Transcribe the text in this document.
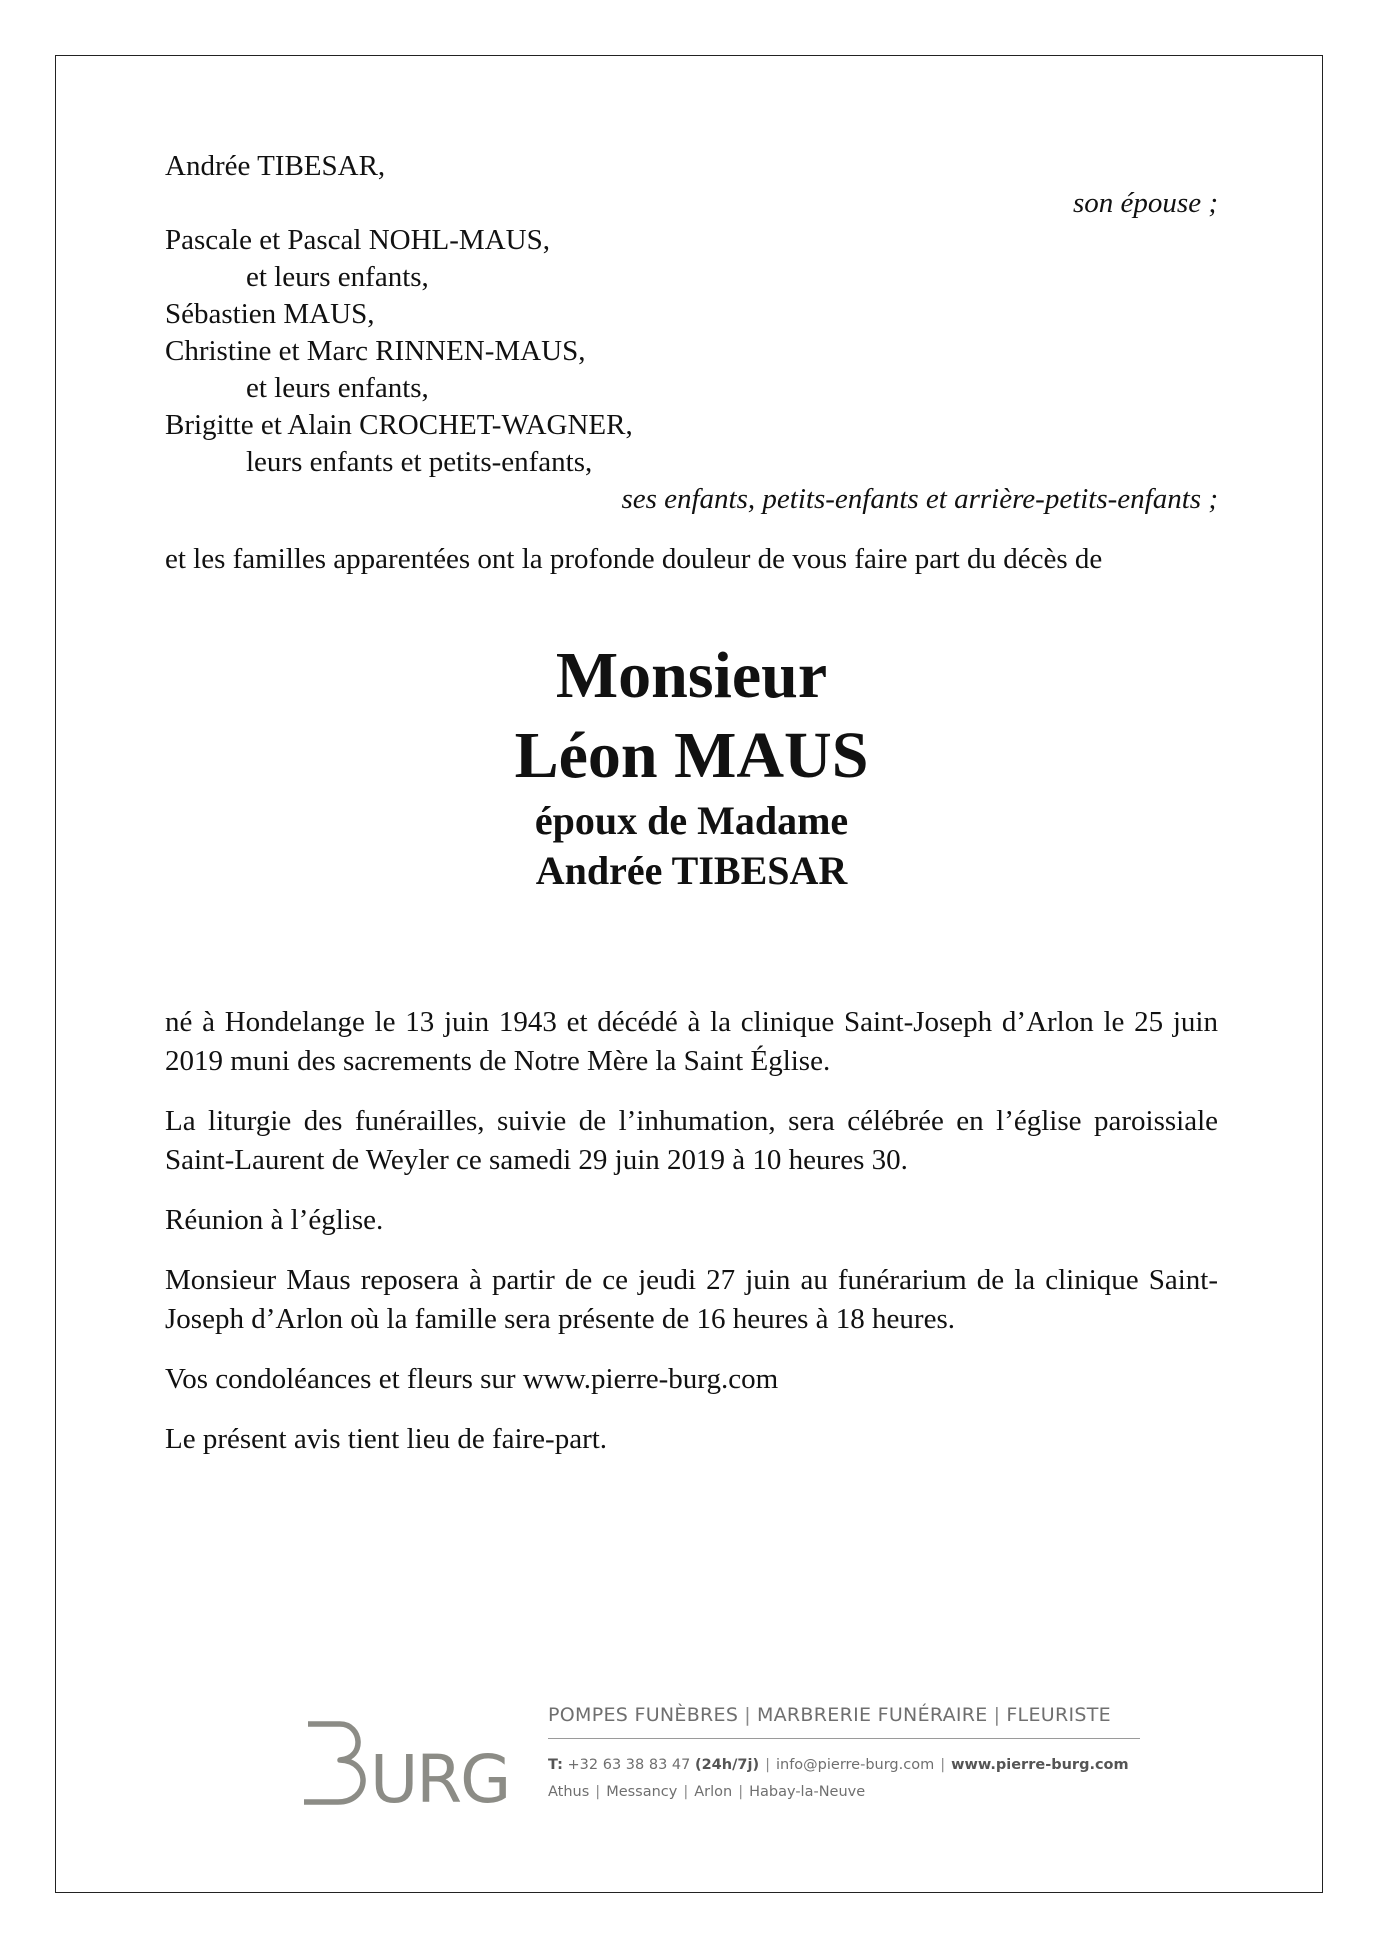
Andrée TIBESAR,
son épouse ;
Pascale et Pascal NOHL-MAUS,
et leurs enfants,
Sébastien MAUS,
Christine et Marc RINNEN-MAUS,
et leurs enfants,
Brigitte et Alain CROCHET-WAGNER,
leurs enfants et petits-enfants,
ses enfants, petits-enfants et arrière-petits-enfants ;
et les familles apparentées ont la profonde douleur de vous faire part du décès de
Monsieur
Léon MAUS
époux de Madame
Andrée TIBESAR

né à Hondelange le 13 juin 1943 et décédé à la clinique Saint-Joseph d’Arlon le 25 juin 2019 muni des sacrements de Notre Mère la Saint Église.

La liturgie des funérailles, suivie de l’inhumation, sera célébrée en l’église paroissiale Saint-Laurent de Weyler ce samedi 29 juin 2019 à 10 heures 30.

Réunion à l’église.

Monsieur Maus reposera à partir de ce jeudi 27 juin au funérarium de la clinique Saint-Joseph d’Arlon où la famille sera présente de 16 heures à 18 heures.

Vos condoléances et fleurs sur www.pierre-burg.com

Le présent avis tient lieu de faire-part.

URG
POMPES FUNÈBRES | MARBRERIE FUNÉRAIRE | FLEURISTE
T: +32 63 38 83 47 (24h/7j) | info@pierre-burg.com | www.pierre-burg.com
Athus | Messancy | Arlon | Habay-la-Neuve
